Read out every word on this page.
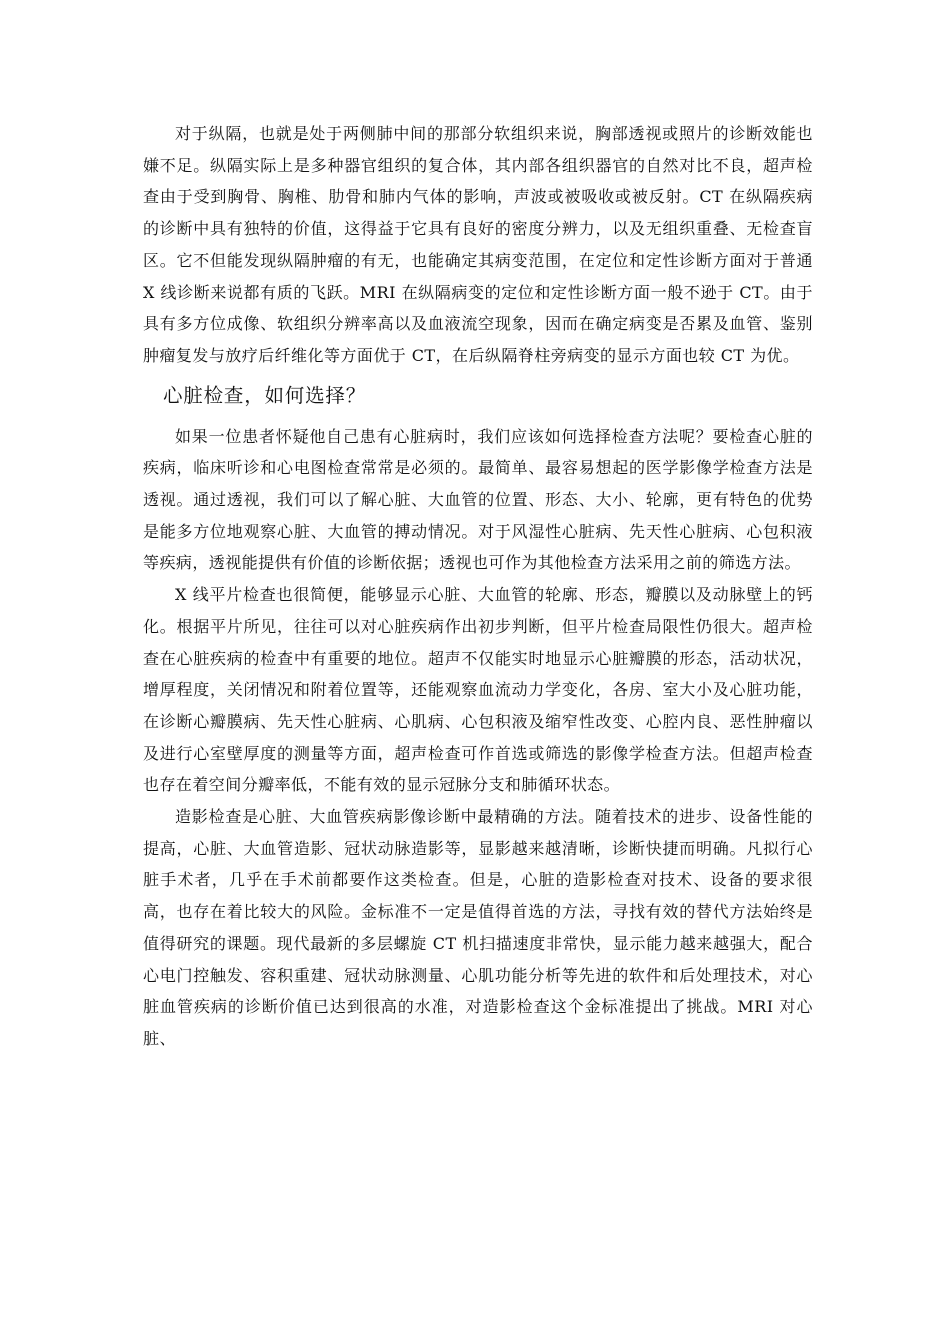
对于纵隔，也就是处于两侧肺中间的那部分软组织来说，胸部透视或照片的诊断效能也嫌不足。纵隔实际上是多种器官组织的复合体，其内部各组织器官的自然对比不良，超声检查由于受到胸骨、胸椎、肋骨和肺内气体的影响，声波或被吸收或被反射。CT 在纵隔疾病的诊断中具有独特的价值，这得益于它具有良好的密度分辨力，以及无组织重叠、无检查盲区。它不但能发现纵隔肿瘤的有无，也能确定其病变范围，在定位和定性诊断方面对于普通 X 线诊断来说都有质的飞跃。MRI 在纵隔病变的定位和定性诊断方面一般不逊于 CT。由于具有多方位成像、软组织分辨率高以及血液流空现象，因而在确定病变是否累及血管、鉴别肿瘤复发与放疗后纤维化等方面优于 CT，在后纵隔脊柱旁病变的显示方面也较 CT 为优。

心脏检查，如何选择？

如果一位患者怀疑他自己患有心脏病时，我们应该如何选择检查方法呢？要检查心脏的疾病，临床听诊和心电图检查常常是必须的。最简单、最容易想起的医学影像学检查方法是透视。通过透视，我们可以了解心脏、大血管的位置、形态、大小、轮廓，更有特色的优势是能多方位地观察心脏、大血管的搏动情况。对于风湿性心脏病、先天性心脏病、心包积液等疾病，透视能提供有价值的诊断依据；透视也可作为其他检查方法采用之前的筛选方法。

X 线平片检查也很简便，能够显示心脏、大血管的轮廓、形态，瓣膜以及动脉壁上的钙化。根据平片所见，往往可以对心脏疾病作出初步判断，但平片检查局限性仍很大。超声检查在心脏疾病的检查中有重要的地位。超声不仅能实时地显示心脏瓣膜的形态，活动状况，增厚程度，关闭情况和附着位置等，还能观察血流动力学变化，各房、室大小及心脏功能，在诊断心瓣膜病、先天性心脏病、心肌病、心包积液及缩窄性改变、心腔内良、恶性肿瘤以及进行心室壁厚度的测量等方面，超声检查可作首选或筛选的影像学检查方法。但超声检查也存在着空间分瓣率低，不能有效的显示冠脉分支和肺循环状态。

造影检查是心脏、大血管疾病影像诊断中最精确的方法。随着技术的进步、设备性能的提高，心脏、大血管造影、冠状动脉造影等，显影越来越清晰，诊断快捷而明确。凡拟行心脏手术者，几乎在手术前都要作这类检查。但是，心脏的造影检查对技术、设备的要求很高，也存在着比较大的风险。金标准不一定是值得首选的方法，寻找有效的替代方法始终是值得研究的课题。现代最新的多层螺旋 CT 机扫描速度非常快，显示能力越来越强大，配合心电门控触发、容积重建、冠状动脉测量、心肌功能分析等先进的软件和后处理技术，对心脏血管疾病的诊断价值已达到很高的水准，对造影检查这个金标准提出了挑战。MRI 对心脏、
